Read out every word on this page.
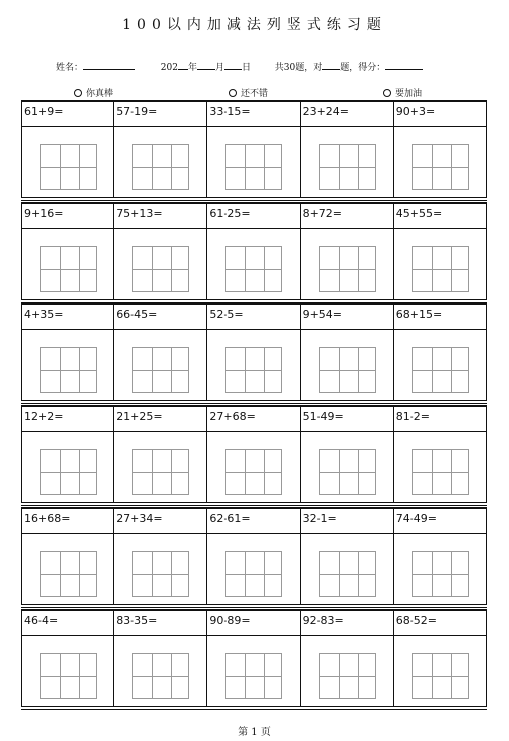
100以内加减法列竖式练习题
姓名：	202 年 月 日	共30题，对 题，得分：
你真棒	还不错	要加油
61+9=	57-19=	33-15=	23+24=	90+3=
9+16=	75+13=	61-25=	8+72=	45+55=
4+35=	66-45=	52-5=	9+54=	68+15=
12+2=	21+25=	27+68=	51-49=	81-2=
16+68=	27+34=	62-61=	32-1=	74-49=
46-4=	83-35=	90-89=	92-83=	68-52=
第 1 页
